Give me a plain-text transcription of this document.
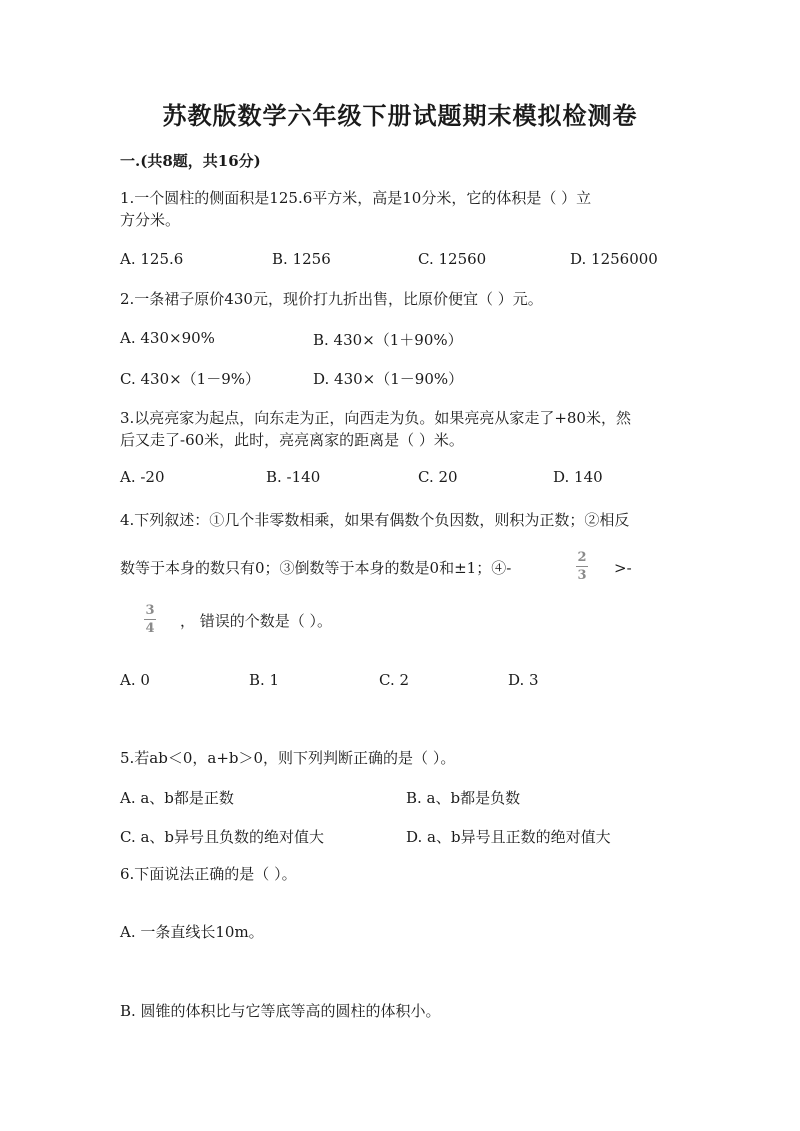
苏教版数学六年级下册试题期末模拟检测卷
一.(共8题，共16分)
1.一个圆柱的侧面积是125.6平方米，高是10分米，它的体积是（ ）立
方分米。
A. 125.6	B. 1256	C. 12560	D. 1256000
2.一条裙子原价430元，现价打九折出售，比原价便宜（ ）元。
A. 430×90%	B. 430×（1＋90%）
C. 430×（1－9%）	D. 430×（1－90%）
3.以亮亮家为起点，向东走为正，向西走为负。如果亮亮从家走了+80米，然
后又走了-60米，此时，亮亮离家的距离是（ ）米。
A. -20	B. -140	C. 20	D. 140
4.下列叙述：①几个非零数相乘，如果有偶数个负因数，则积为正数；②相反
数等于本身的数只有0；③倒数等于本身的数是0和±1；④-
2
3 >-
3
4 ， 错误的个数是（ ）。
A. 0	B. 1	C. 2	D. 3
5.若ab＜0，a+b＞0，则下列判断正确的是（ ）。
A. a、b都是正数	B. a、b都是负数
C. a、b异号且负数的绝对值大	D. a、b异号且正数的绝对值大
6.下面说法正确的是（ ）。
A. 一条直线长10m。
B. 圆锥的体积比与它等底等高的圆柱的体积小。
